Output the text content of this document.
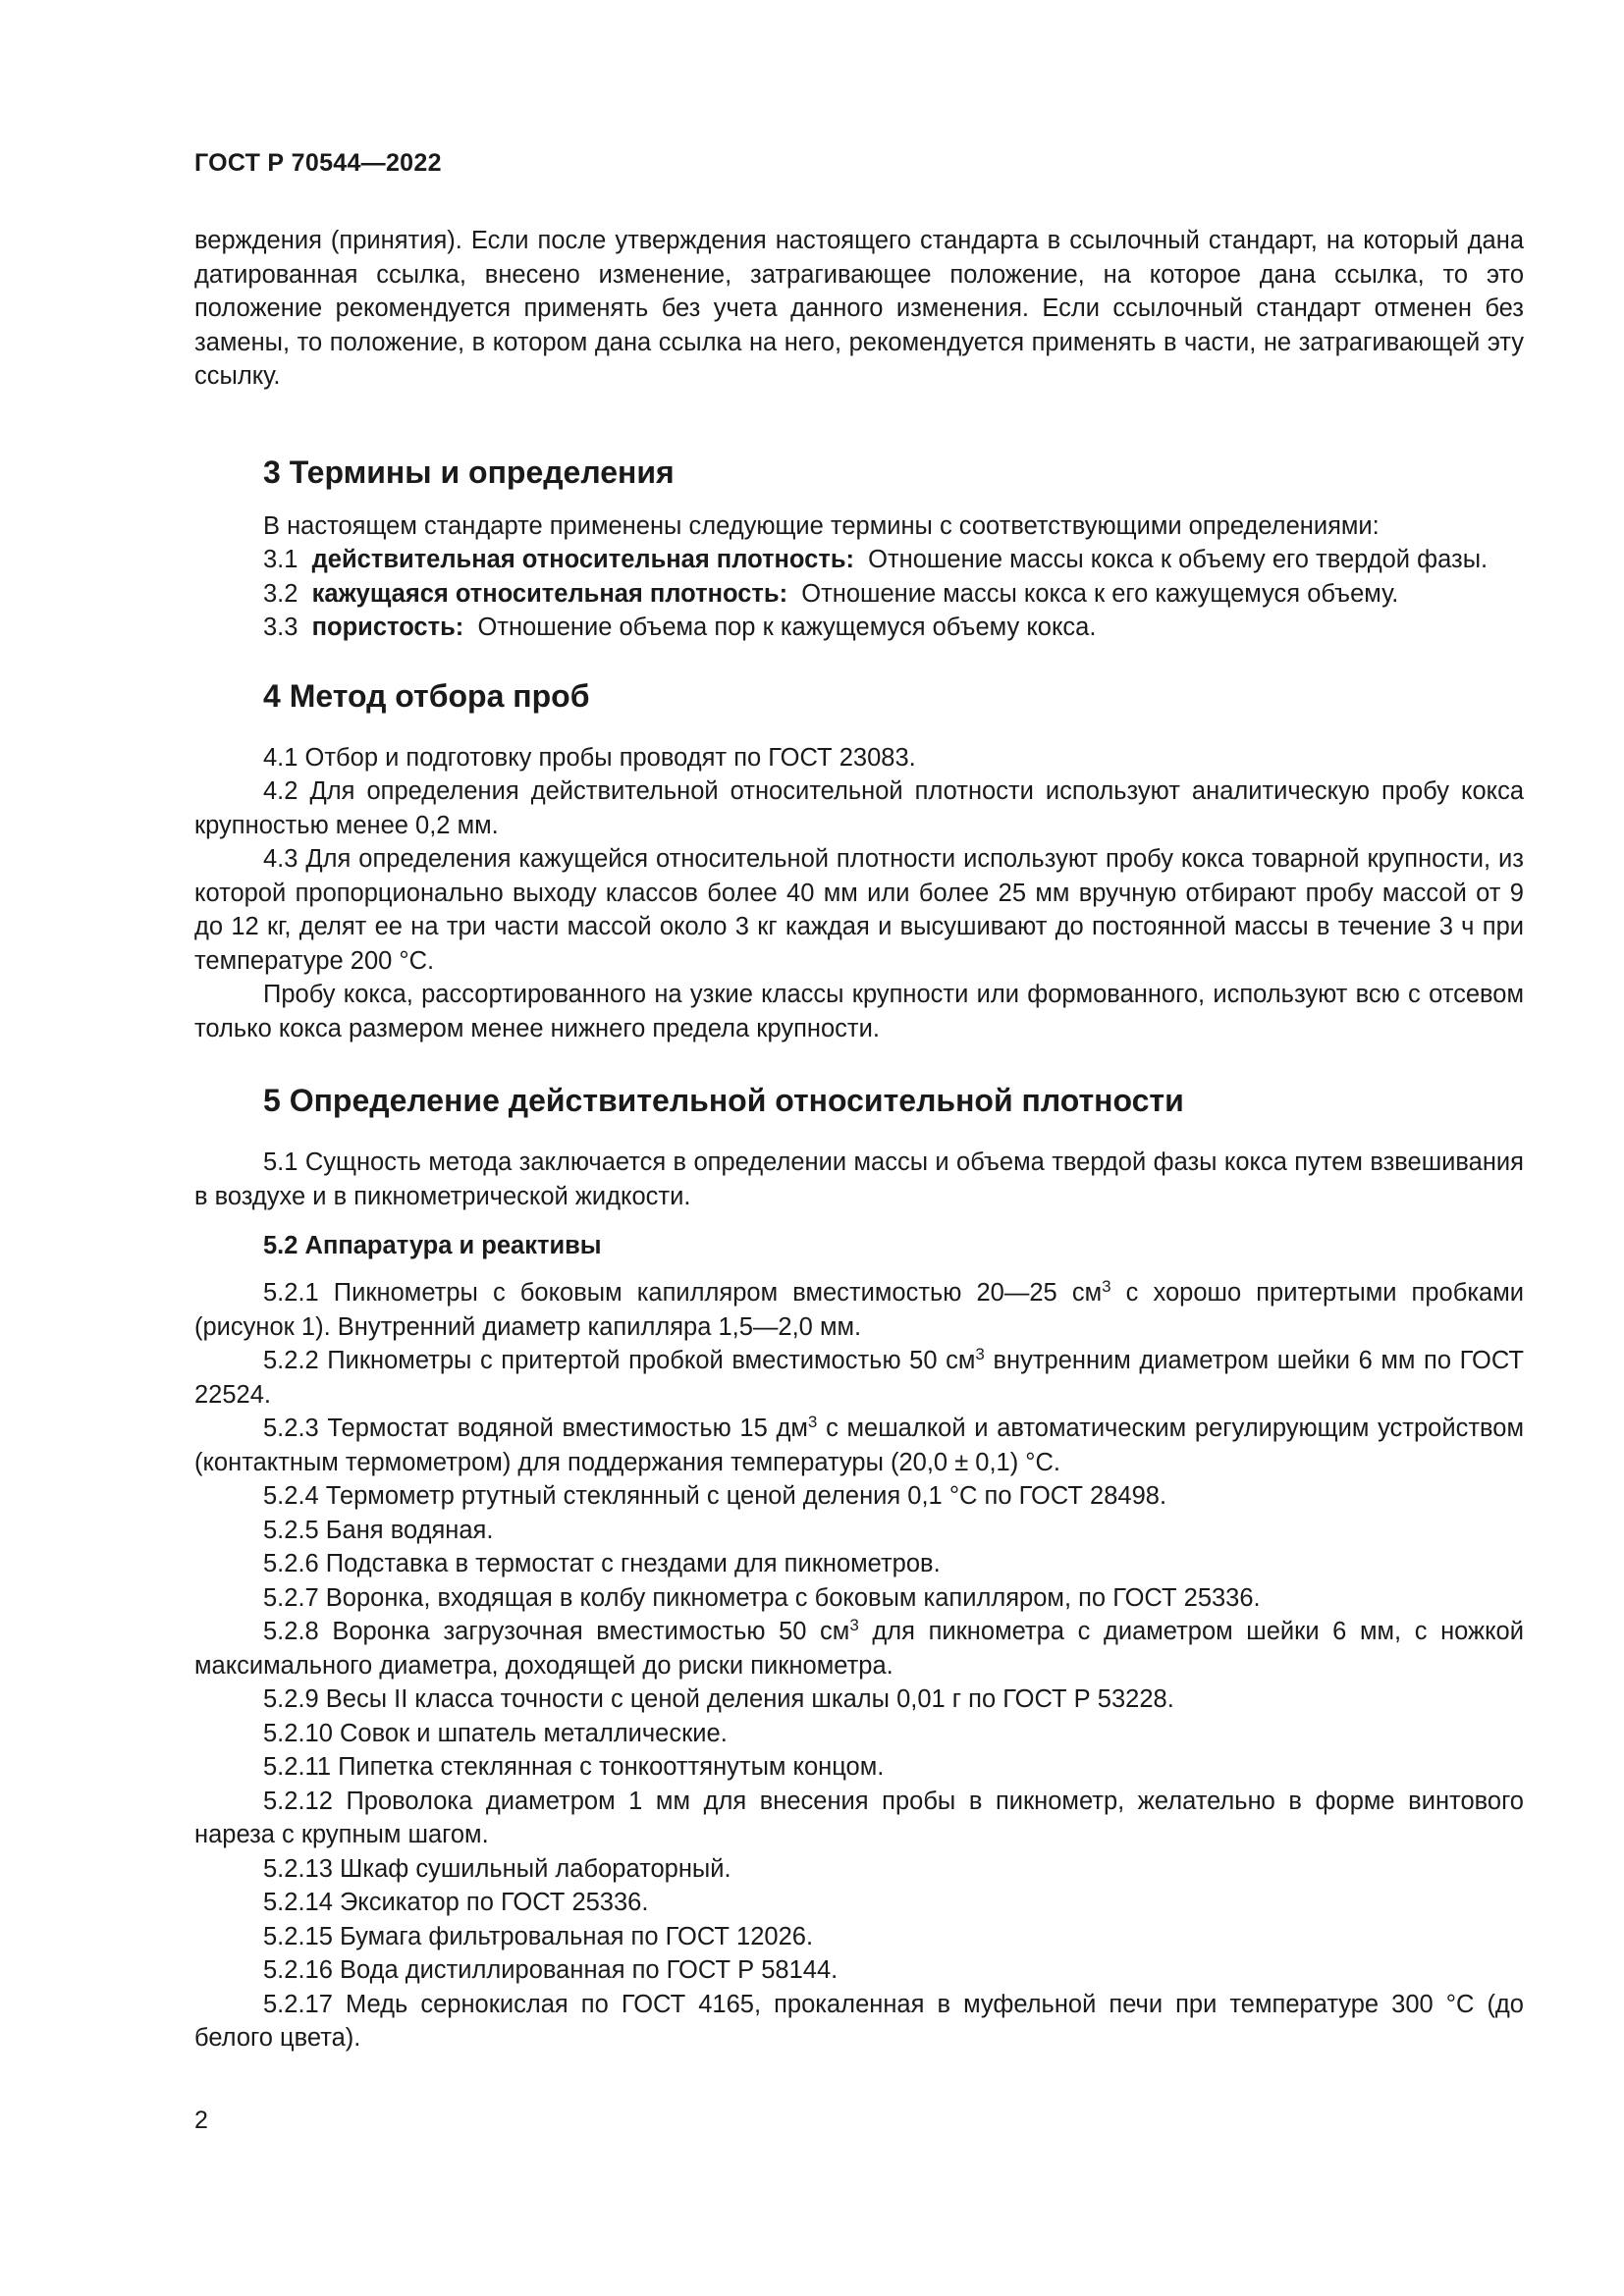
ГОСТ Р 70544—2022

верждения (принятия). Если после утверждения настоящего стандарта в ссылочный стандарт, на который дана датированная ссылка, внесено изменение, затрагивающее положение, на которое дана ссылка, то это положение рекомендуется применять без учета данного изменения. Если ссылочный стандарт отменен без замены, то положение, в котором дана ссылка на него, рекомендуется применять в части, не затрагивающей эту ссылку.

3 Термины и определения

В настоящем стандарте применены следующие термины с соответствующими определениями:

3.1 действительная относительная плотность: Отношение массы кокса к объему его твердой фазы.

3.2 кажущаяся относительная плотность: Отношение массы кокса к его кажущемуся объему.

3.3 пористость: Отношение объема пор к кажущемуся объему кокса.

4 Метод отбора проб

4.1 Отбор и подготовку пробы проводят по ГОСТ 23083.

4.2 Для определения действительной относительной плотности используют аналитическую пробу кокса крупностью менее 0,2 мм.

4.3 Для определения кажущейся относительной плотности используют пробу кокса товарной крупности, из которой пропорционально выходу классов более 40 мм или более 25 мм вручную отбирают пробу массой от 9 до 12 кг, делят ее на три части массой около 3 кг каждая и высушивают до постоянной массы в течение 3 ч при температуре 200 °С.

Пробу кокса, рассортированного на узкие классы крупности или формованного, используют всю с отсевом только кокса размером менее нижнего предела крупности.

5 Определение действительной относительной плотности

5.1 Сущность метода заключается в определении массы и объема твердой фазы кокса путем взвешивания в воздухе и в пикнометрической жидкости.

5.2 Аппаратура и реактивы

5.2.1 Пикнометры с боковым капилляром вместимостью 20—25 $см^3$ с хорошо притертыми пробками (рисунок 1). Внутренний диаметр капилляра 1,5—2,0 мм.

5.2.2 Пикнометры с притертой пробкой вместимостью 50 $см^3$ внутренним диаметром шейки 6 мм по ГОСТ 22524.

5.2.3 Термостат водяной вместимостью 15 $дм^3$ с мешалкой и автоматическим регулирующим устройством (контактным термометром) для поддержания температуры (20,0 ± 0,1) °С.

5.2.4 Термометр ртутный стеклянный с ценой деления 0,1 °С по ГОСТ 28498.

5.2.5 Баня водяная.

5.2.6 Подставка в термостат с гнездами для пикнометров.

5.2.7 Воронка, входящая в колбу пикнометра с боковым капилляром, по ГОСТ 25336.

5.2.8 Воронка загрузочная вместимостью 50 $см^3$ для пикнометра с диаметром шейки 6 мм, с ножкой максимального диаметра, доходящей до риски пикнометра.

5.2.9 Весы II класса точности с ценой деления шкалы 0,01 г по ГОСТ Р 53228.

5.2.10 Совок и шпатель металлические.

5.2.11 Пипетка стеклянная с тонкооттянутым концом.

5.2.12 Проволока диаметром 1 мм для внесения пробы в пикнометр, желательно в форме винтового нареза с крупным шагом.

5.2.13 Шкаф сушильный лабораторный.

5.2.14 Эксикатор по ГОСТ 25336.

5.2.15 Бумага фильтровальная по ГОСТ 12026.

5.2.16 Вода дистиллированная по ГОСТ Р 58144.

5.2.17 Медь сернокислая по ГОСТ 4165, прокаленная в муфельной печи при температуре 300 °С (до белого цвета).

2
